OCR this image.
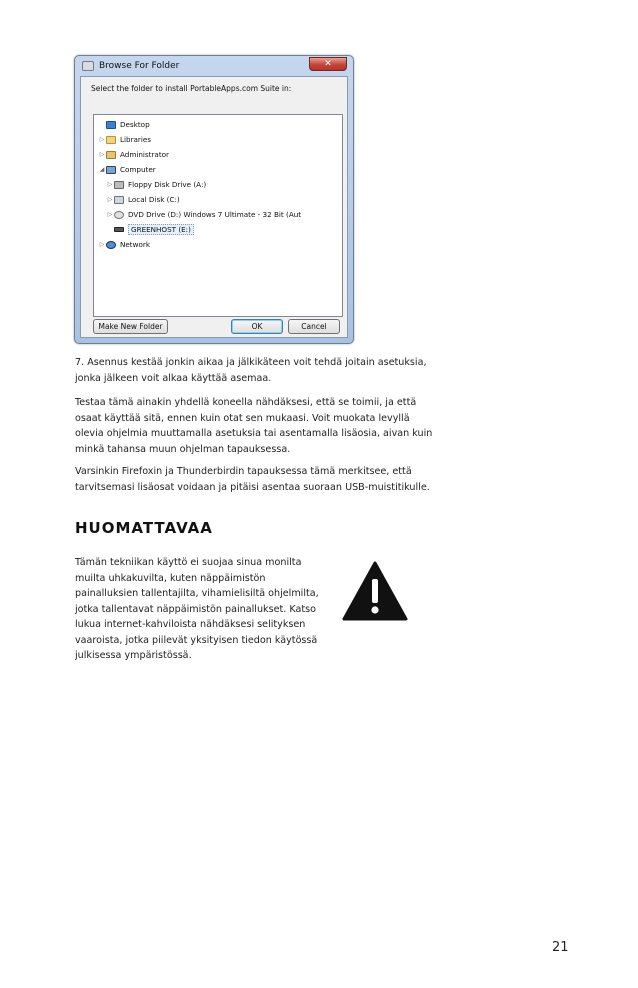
Browse For Folder	✕
Select the folder to install PortableApps.com Suite in:
Desktop
▷ Libraries
▷ Administrator
◢ Computer
▷ Floppy Disk Drive (A:)
▷ Local Disk (C:)
▷ DVD Drive (D:) Windows 7 Ultimate - 32 Bit (Aut
GREENHOST (E:)
▷ Network
Make New Folder	OK	Cancel

7. Asennus kestää jonkin aikaa ja jälkikäteen voit tehdä joitain asetuksia, jonka jälkeen voit alkaa käyttää asemaa.

Testaa tämä ainakin yhdellä koneella nähdäksesi, että se toimii, ja että osaat käyttää sitä, ennen kuin otat sen mukaasi. Voit muokata levyllä olevia ohjelmia muuttamalla asetuksia tai asentamalla lisäosia, aivan kuin minkä tahansa muun ohjelman tapauksessa.

Varsinkin Firefoxin ja Thunderbirdin tapauksessa tämä merkitsee, että tarvitsemasi lisäosat voidaan ja pitäisi asentaa suoraan USB-muistitikulle.

HUOMATTAVAA

Tämän tekniikan käyttö ei suojaa sinua monilta muilta uhkakuvilta, kuten näppäimistön painalluksien tallentajilta, vihamielisiltä ohjelmilta, jotka tallentavat näppäimistön painallukset. Katso lukua internet-kahviloista nähdäksesi selityksen vaaroista, jotka piilevät yksityisen tiedon käytössä julkisessa ympäristössä.

21
